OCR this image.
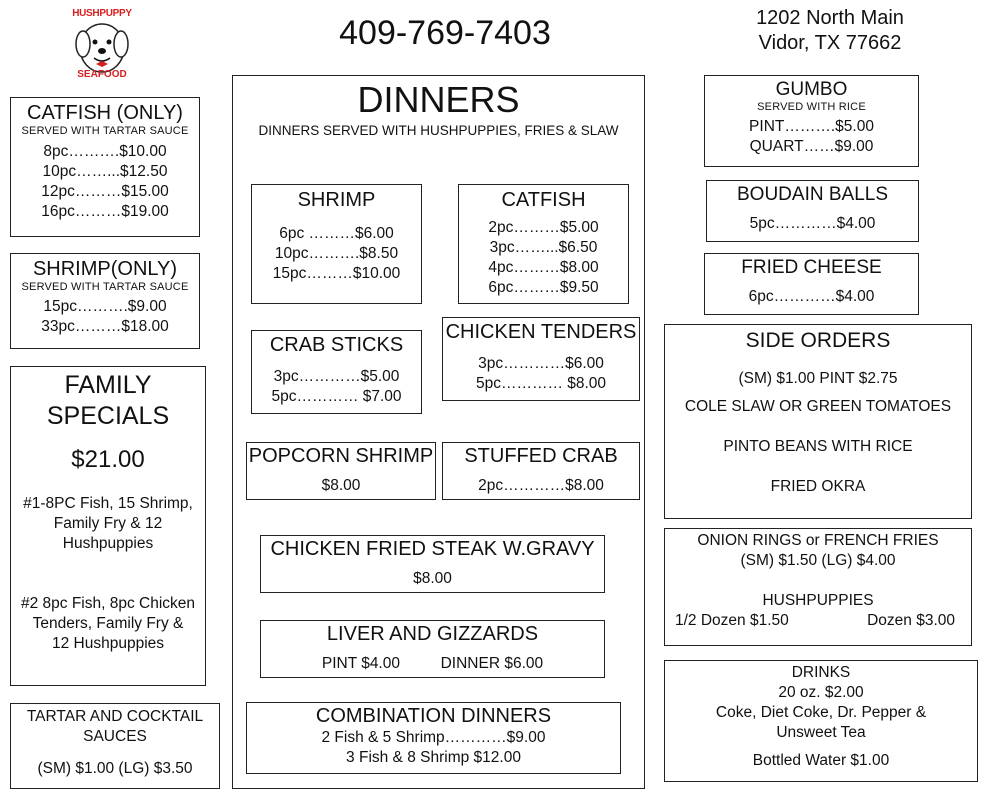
HUSHPUPPY
SEAFOOD
409-769-7403	1202 North Main
Vidor, TX 77662
CATFISH (ONLY)
SERVED WITH TARTAR SAUCE
8pc……….$10.00
10pc……...$12.50
12pc………$15.00
16pc………$19.00
SHRIMP(ONLY)
SERVED WITH TARTAR SAUCE
15pc……….$9.00
33pc………$18.00
FAMILY
SPECIALS
$21.00
#1-8PC Fish, 15 Shrimp,
Family Fry & 12
Hushpuppies
#2 8pc Fish, 8pc Chicken
Tenders, Family Fry &
12 Hushpuppies
TARTAR AND COCKTAIL
SAUCES
(SM) $1.00 (LG) $3.50
DINNERS
DINNERS SERVED WITH HUSHPUPPIES, FRIES & SLAW
SHRIMP
6pc ………$6.00
10pc……….$8.50
15pc………$10.00
CATFISH
2pc………$5.00
3pc……...$6.50
4pc………$8.00
6pc………$9.50
CRAB STICKS
3pc…………$5.00
5pc………… $7.00
CHICKEN TENDERS
3pc…………$6.00
5pc………… $8.00
POPCORN SHRIMP
$8.00
STUFFED CRAB
2pc…………$8.00
CHICKEN FRIED STEAK W.GRAVY
$8.00
LIVER AND GIZZARDS
PINT $4.00	DINNER $6.00
COMBINATION DINNERS
2 Fish & 5 Shrimp…………$9.00
3 Fish & 8 Shrimp $12.00
GUMBO
SERVED WITH RICE
PINT……….$5.00
QUART……$9.00
BOUDAIN BALLS
5pc…………$4.00
FRIED CHEESE
6pc…………$4.00
SIDE ORDERS
(SM) $1.00 PINT $2.75
COLE SLAW OR GREEN TOMATOES
PINTO BEANS WITH RICE
FRIED OKRA
ONION RINGS or FRENCH FRIES
(SM) $1.50 (LG) $4.00
HUSHPUPPIES
1/2 Dozen $1.50	Dozen $3.00
DRINKS
20 oz. $2.00
Coke, Diet Coke, Dr. Pepper &
Unsweet Tea
Bottled Water $1.00
